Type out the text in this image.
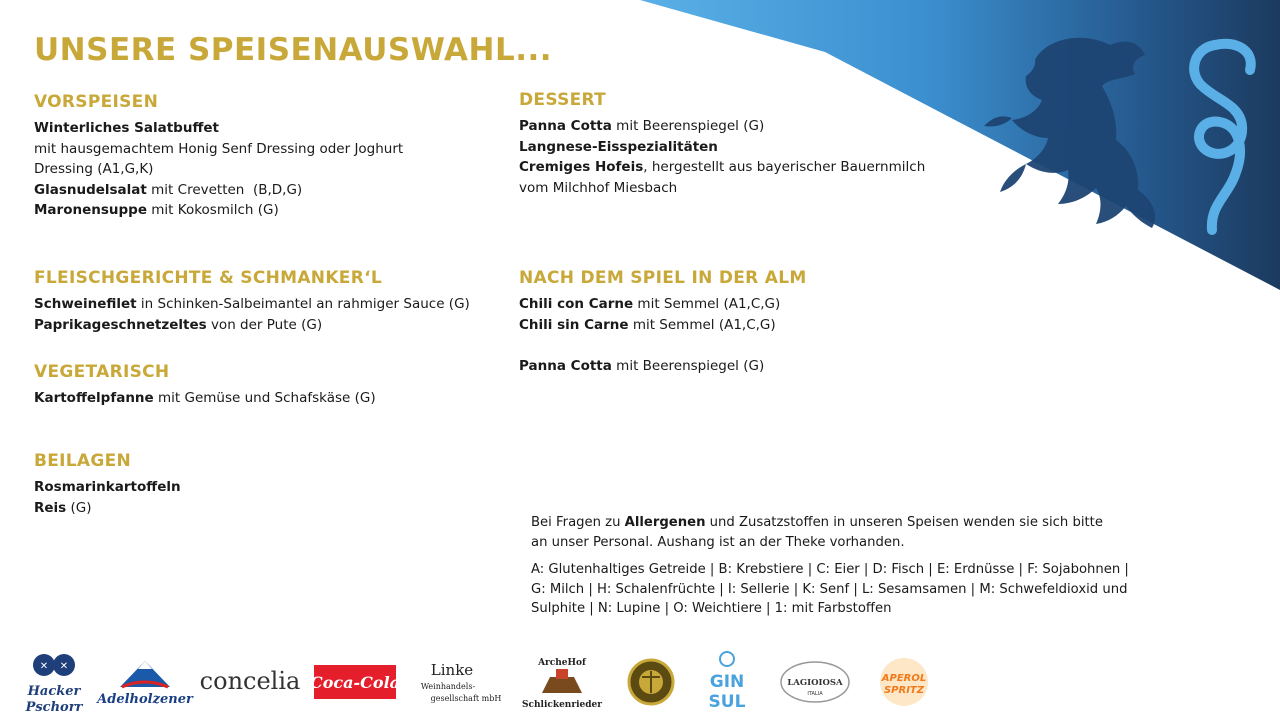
UNSERE SPEISENAUSWAHL...
VORSPEISEN
Winterliches Salatbuffet
mit hausgemachtem Honig Senf Dressing oder Joghurt
Dressing (A1,G,K)
Glasnudelsalat mit Crevetten  (B,D,G)
Maronensuppe mit Kokosmilch (G)
FLEISCHGERICHTE & SCHMANKER‘L
Schweinefilet in Schinken-Salbeimantel an rahmiger Sauce (G)
Paprikageschnetzeltes von der Pute (G)
VEGETARISCH
Kartoffelpfanne mit Gemüse und Schafskäse (G)
BEILAGEN
Rosmarinkartoffeln
Reis (G)
DESSERT
Panna Cotta mit Beerenspiegel (G)
Langnese-Eisspezialitäten
Cremiges Hofeis, hergestellt aus bayerischer Bauernmilch
vom Milchhof Miesbach
NACH DEM SPIEL IN DER ALM
Chili con Carne mit Semmel (A1,C,G)
Chili sin Carne mit Semmel (A1,C,G)
Panna Cotta mit Beerenspiegel (G)

Bei Fragen zu Allergenen und Zusatzstoffen in unseren Speisen wenden sie sich bitte

an unser Personal. Aushang ist an der Theke vorhanden.

A: Glutenhaltiges Getreide | B: Krebstiere | C: Eier | D: Fisch | E: Erdnüsse | F: Sojabohnen |

G: Milch | H: Schalenfrüchte | I: Sellerie | K: Senf | L: Sesamsamen | M: Schwefeldioxid und

Sulphite | N: Lupine | O: Weichtiere | 1: mit Farbstoffen

✕ ✕
Hacker
Pschorr
Adelholzener
concelia Coca-Cola
Linke
Weinhandels-
gesellschaft mbH
ArcheHof
Schlickenrieder
GIN
SUL
LAGIOIOSA
ITALIA
APEROL
SPRITZ
